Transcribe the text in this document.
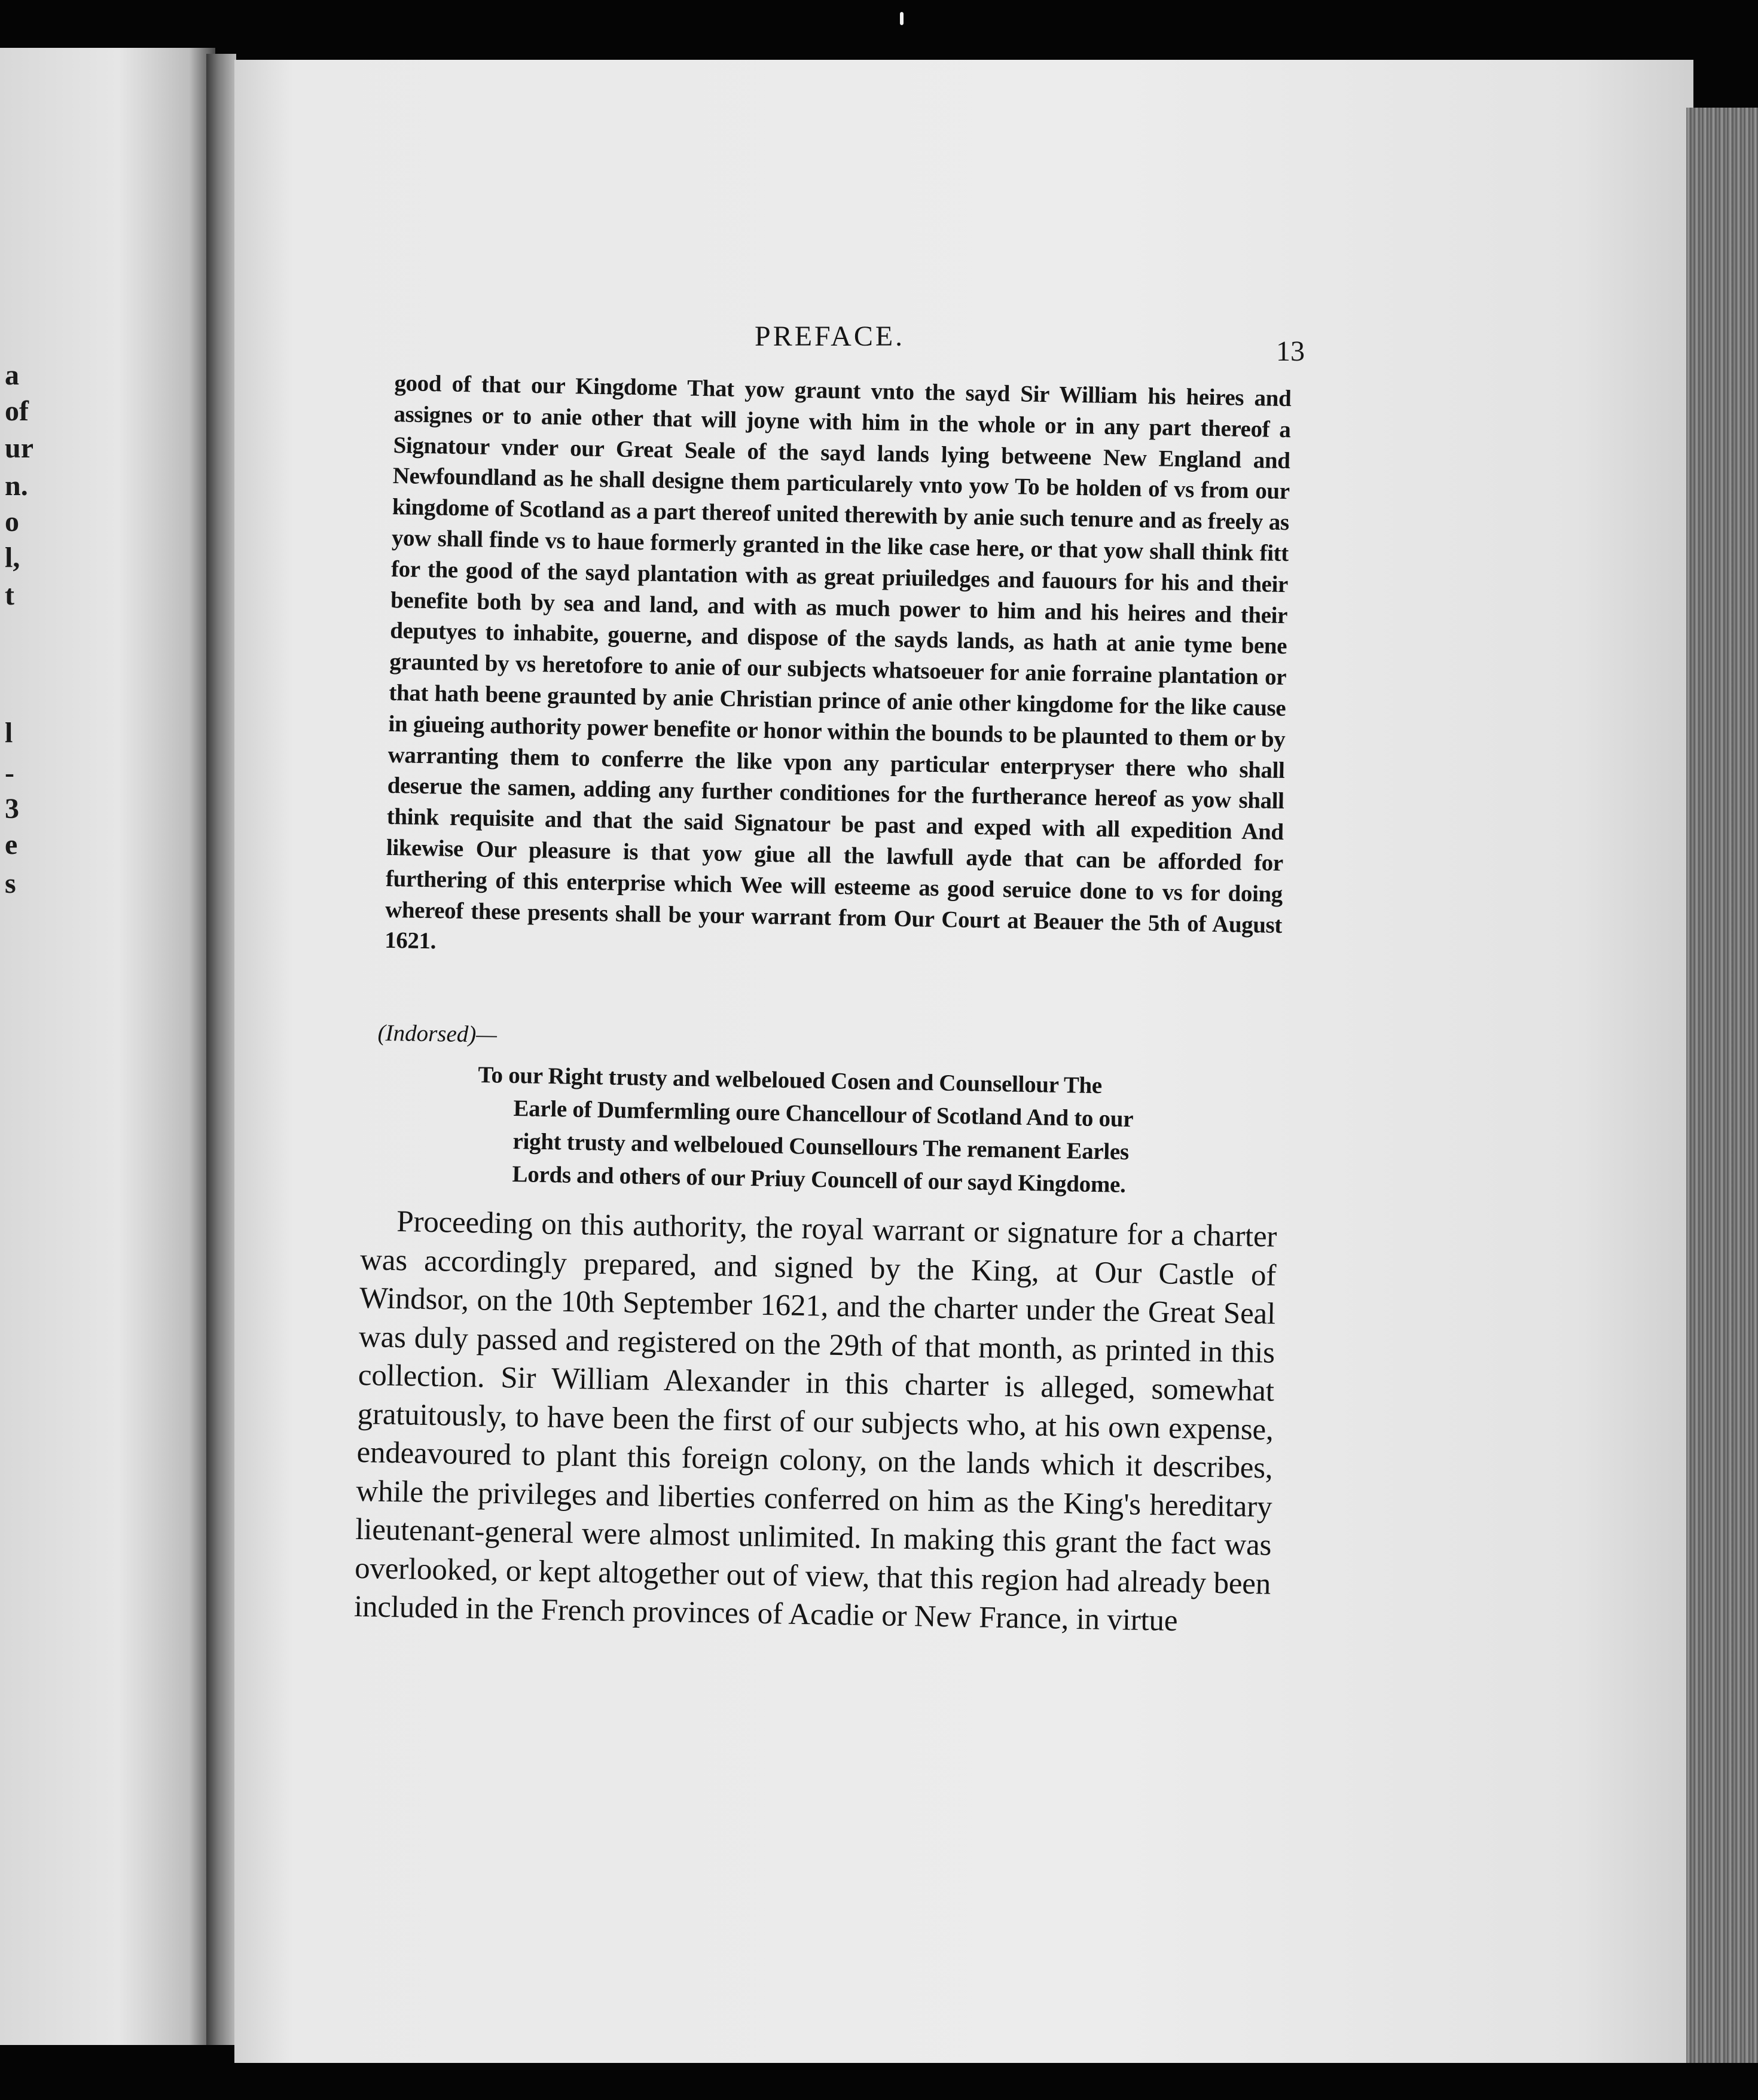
a

of

ur

n.

o

l,

t

l

-

3

e

s

PREFACE.	13

good of that our Kingdome That yow graunt vnto the sayd Sir William his heires and assignes or to anie other that will joyne with him in the whole or in any part thereof a Signatour vnder our Great Seale of the sayd lands lying betweene New England and Newfoundland as he shall designe them particularely vnto yow To be holden of vs from our kingdome of Scotland as a part thereof united therewith by anie such tenure and as freely as yow shall finde vs to haue formerly granted in the like case here, or that yow shall think fitt for the good of the sayd plantation with as great priuiledges and fauours for his and their benefite both by sea and land, and with as much power to him and his heires and their deputyes to inhabite, gouerne, and dispose of the sayds lands, as hath at anie tyme bene graunted by vs heretofore to anie of our subjects whatsoeuer for anie forraine plantation or that hath beene graunted by anie Christian prince of anie other kingdome for the like cause in giueing authority power benefite or honor within the bounds to be plaunted to them or by warranting them to conferre the like vpon any particular enterpryser there who shall deserue the samen, adding any further conditiones for the furtherance hereof as yow shall think requisite and that the said Signatour be past and exped with all expedition And likewise Our pleasure is that yow giue all the lawfull ayde that can be afforded for furthering of this enterprise which Wee will esteeme as good seruice done to vs for doing whereof these presents shall be your warrant from Our Court at Beauer the 5th of August 1621.

(Indorsed)—

To our Right trusty and welbeloued Cosen and Counsellour The

Earle of Dumfermling oure Chancellour of Scotland And to our

right trusty and welbeloued Counsellours The remanent Earles

Lords and others of our Priuy Councell of our sayd Kingdome.

Proceeding on this authority, the royal warrant or signature for a charter was accordingly prepared, and signed by the King, at Our Castle of Windsor, on the 10th September 1621, and the charter under the Great Seal was duly passed and registered on the 29th of that month, as printed in this collection. Sir William Alexander in this charter is alleged, somewhat gratuitously, to have been the first of our subjects who, at his own expense, endeavoured to plant this foreign colony, on the lands which it describes, while the privileges and liberties conferred on him as the King's hereditary lieutenant-general were almost unlimited. In making this grant the fact was overlooked, or kept altogether out of view, that this region had already been included in the French provinces of Acadie or New France, in virtue
